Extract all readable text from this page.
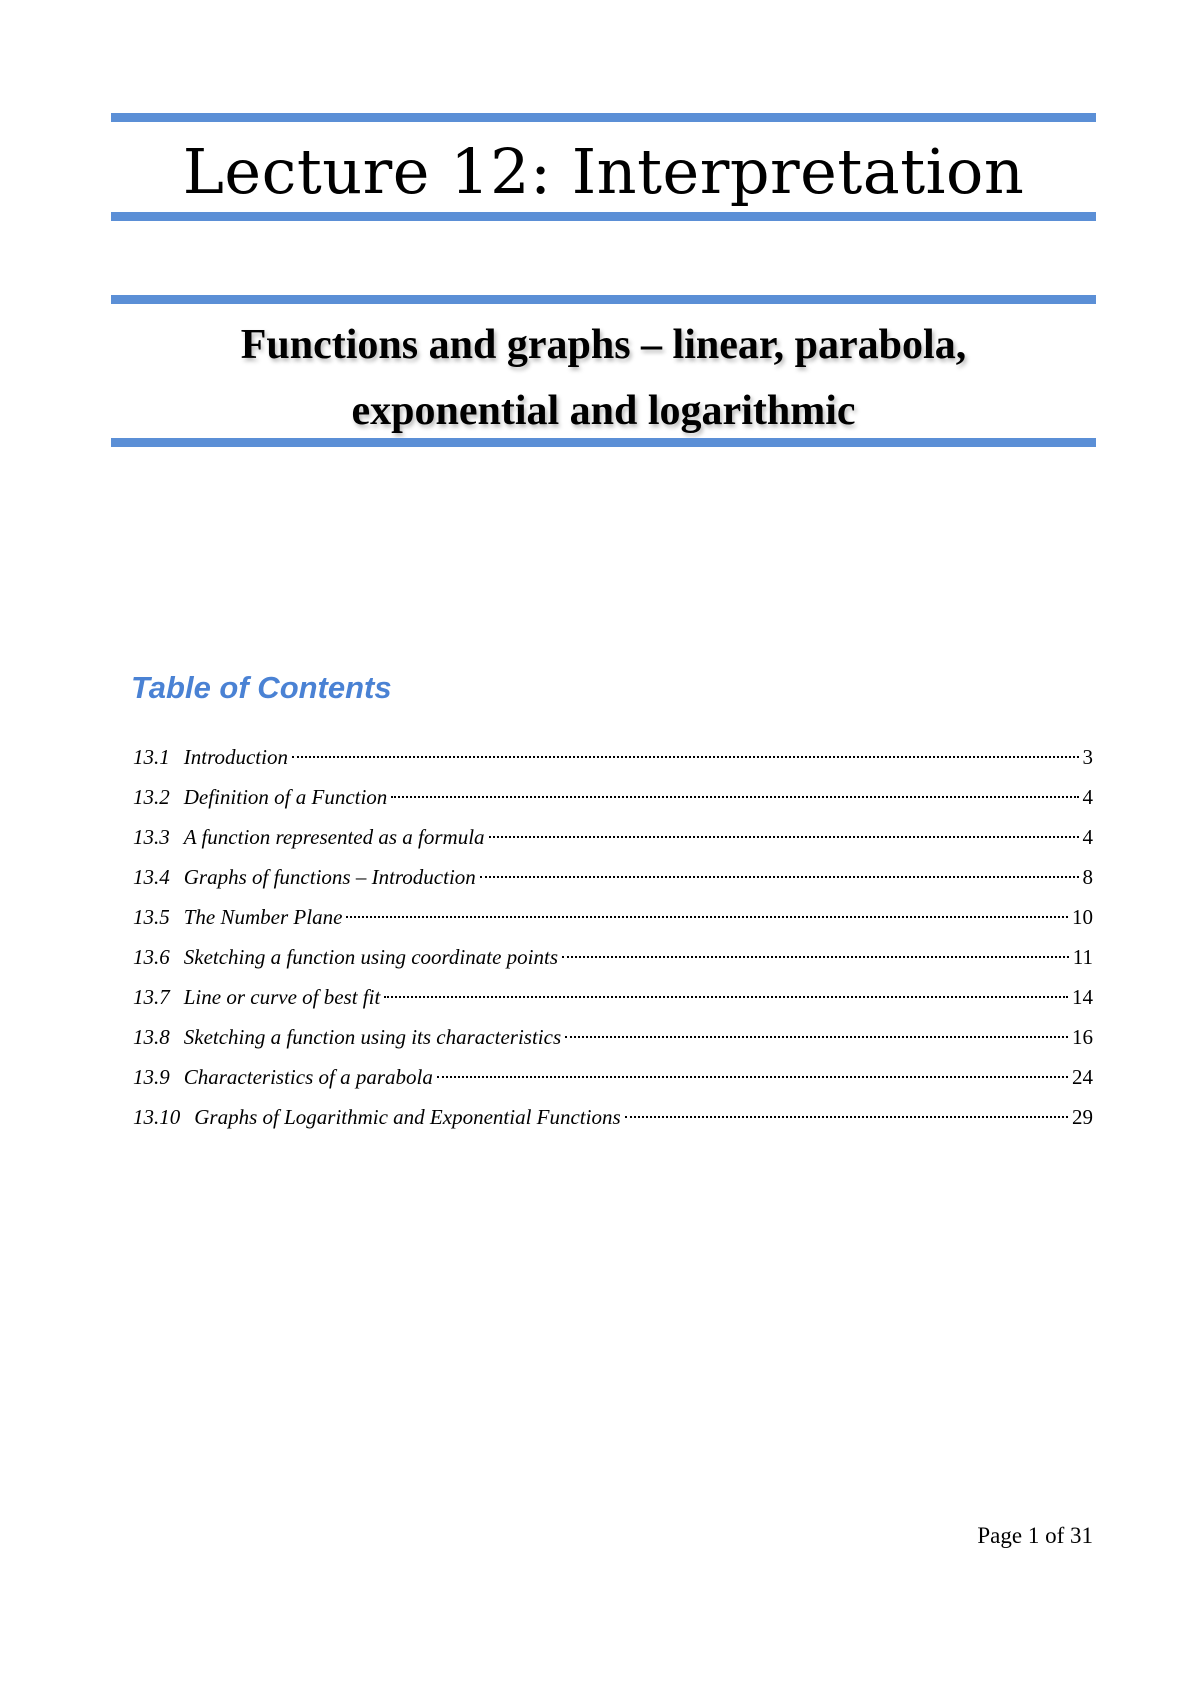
Lecture 12: Interpretation
Functions and graphs – linear, parabola,
exponential and logarithmic
Table of Contents
13.1 Introduction	3
13.2 Definition of a Function	4
13.3 A function represented as a formula	4
13.4 Graphs of functions – Introduction	8
13.5 The Number Plane	10
13.6 Sketching a function using coordinate points	11
13.7 Line or curve of best fit	14
13.8 Sketching a function using its characteristics	16
13.9 Characteristics of a parabola	24
13.10 Graphs of Logarithmic and Exponential Functions	29
Page 1 of 31
